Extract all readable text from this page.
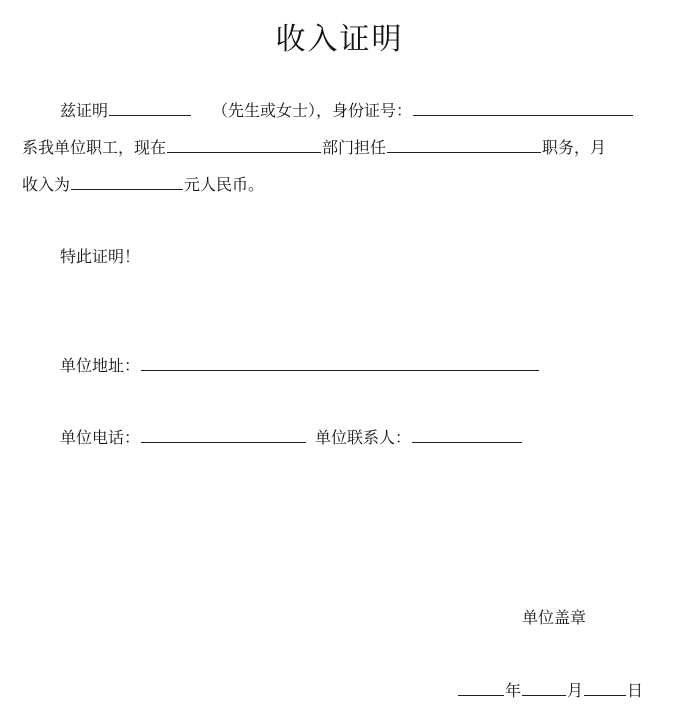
收入证明
兹证明	（先生或女士），身份证号：
系我单位职工，现在	部门担任	职务，月
收入为	元人民币。
特此证明！
单位地址：
单位电话：	单位联系人：
单位盖章
年	月	日
